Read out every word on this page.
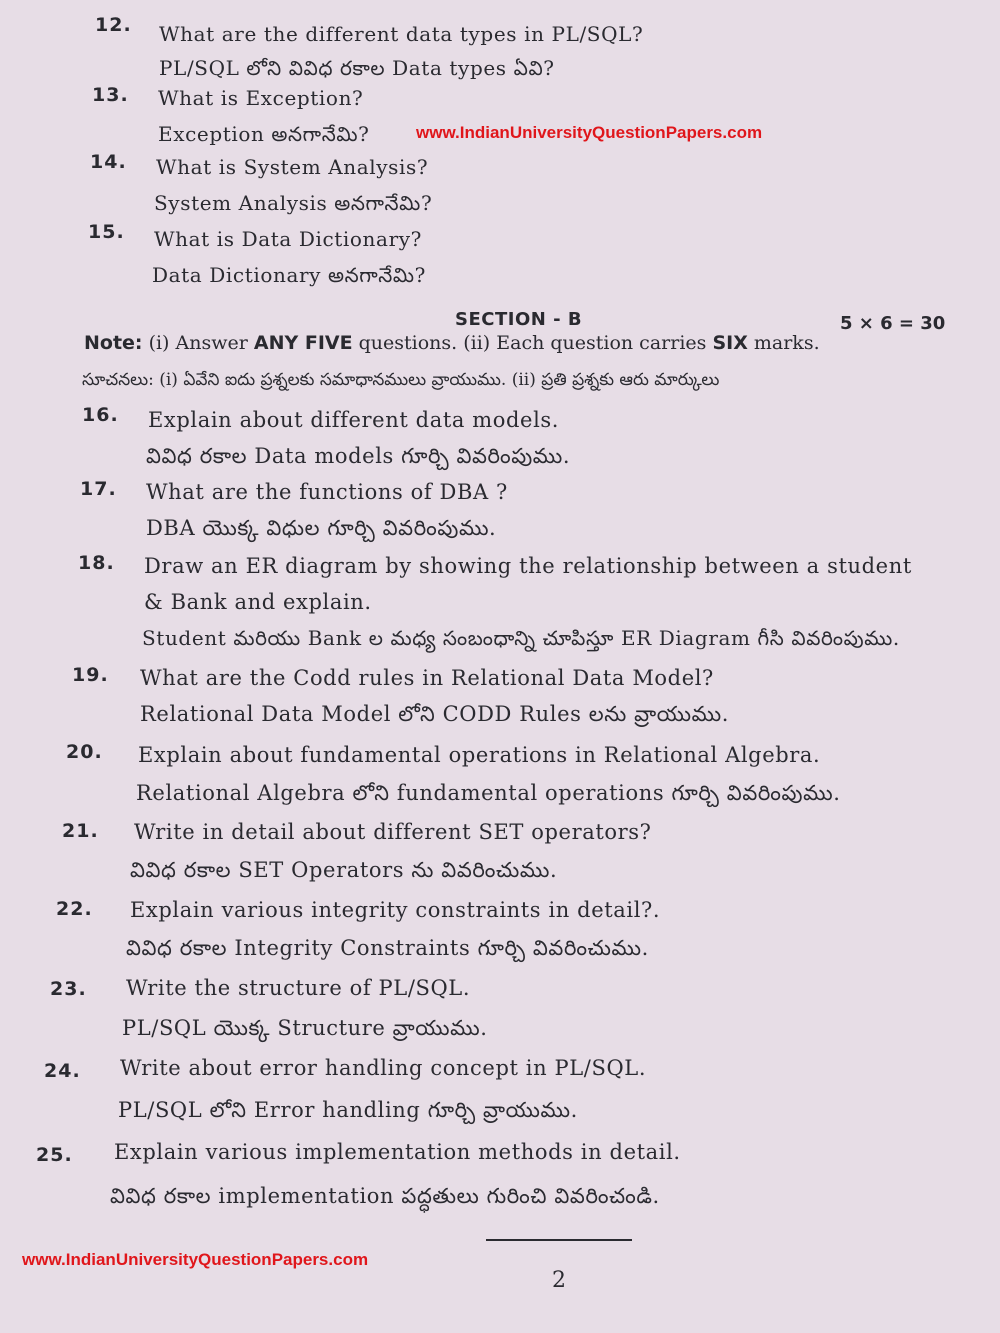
12. What are the different data types in PL/SQL?
PL/SQL లోని వివిధ రకాల Data types ఏవి?
13. What is Exception?
Exception అనగానేమి?	www.IndianUniversityQuestionPapers.com
14. What is System Analysis?
System Analysis అనగానేమి?
15. What is Data Dictionary?
Data Dictionary అనగానేమి?
SECTION - B	5 × 6 = 30
Note: (i) Answer ANY FIVE questions. (ii) Each question carries SIX marks.
సూచనలు: (i) ఏవేని ఐదు ప్రశ్నలకు సమాధానములు వ్రాయుము. (ii) ప్రతి ప్రశ్నకు ఆరు మార్కులు
16. Explain about different data models.
వివిధ రకాల Data models గూర్చి వివరింపుము.
17. What are the functions of DBA ?
DBA యొక్క విధుల గూర్చి వివరింపుము.
18. Draw an ER diagram by showing the relationship between a student
& Bank and explain.
Student మరియు Bank ల మధ్య సంబంధాన్ని చూపిస్తూ ER Diagram గీసి వివరింపుము.
19. What are the Codd rules in Relational Data Model?
Relational Data Model లోని CODD Rules లను వ్రాయుము.
20. Explain about fundamental operations in Relational Algebra.
Relational Algebra లోని fundamental operations గూర్చి వివరింపుము.
21. Write in detail about different SET operators?
వివిధ రకాల SET Operators ను వివరించుము.
22. Explain various integrity constraints in detail?.
వివిధ రకాల Integrity Constraints గూర్చి వివరించుము.
23. Write the structure of PL/SQL.
PL/SQL యొక్క Structure వ్రాయుము.
24. Write about error handling concept in PL/SQL.
PL/SQL లోని Error handling గూర్చి వ్రాయుము.
25. Explain various implementation methods in detail.
వివిధ రకాల implementation పద్ధతులు గురించి వివరించండి.
www.IndianUniversityQuestionPapers.com
2
